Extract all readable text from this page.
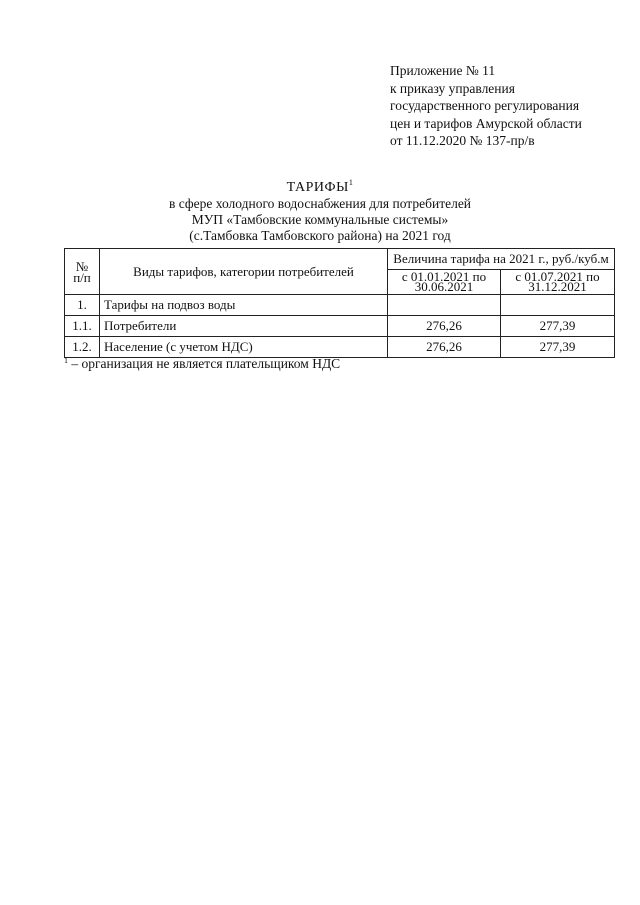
Приложение № 11
к приказу управления
государственного регулирования
цен и тарифов Амурской области
от 11.12.2020 № 137-пр/в
ТАРИФЫ$^1$
в сфере холодного водоснабжения для потребителей
МУП «Тамбовские коммунальные системы»
(с.Тамбовка Тамбовского района) на 2021 год
№ п/п	Виды тарифов, категории потребителей	Величина тарифа на 2021 г., руб./куб.м	
		с 01.01.2021 по 30.06.2021	с 01.07.2021 по 31.12.2021
1.	Тарифы на подвоз воды		
1.1.	Потребители	276,26	277,39
1.2.	Население (с учетом НДС)	276,26	277,39
$^1$ – организация не является плательщиком НДС
